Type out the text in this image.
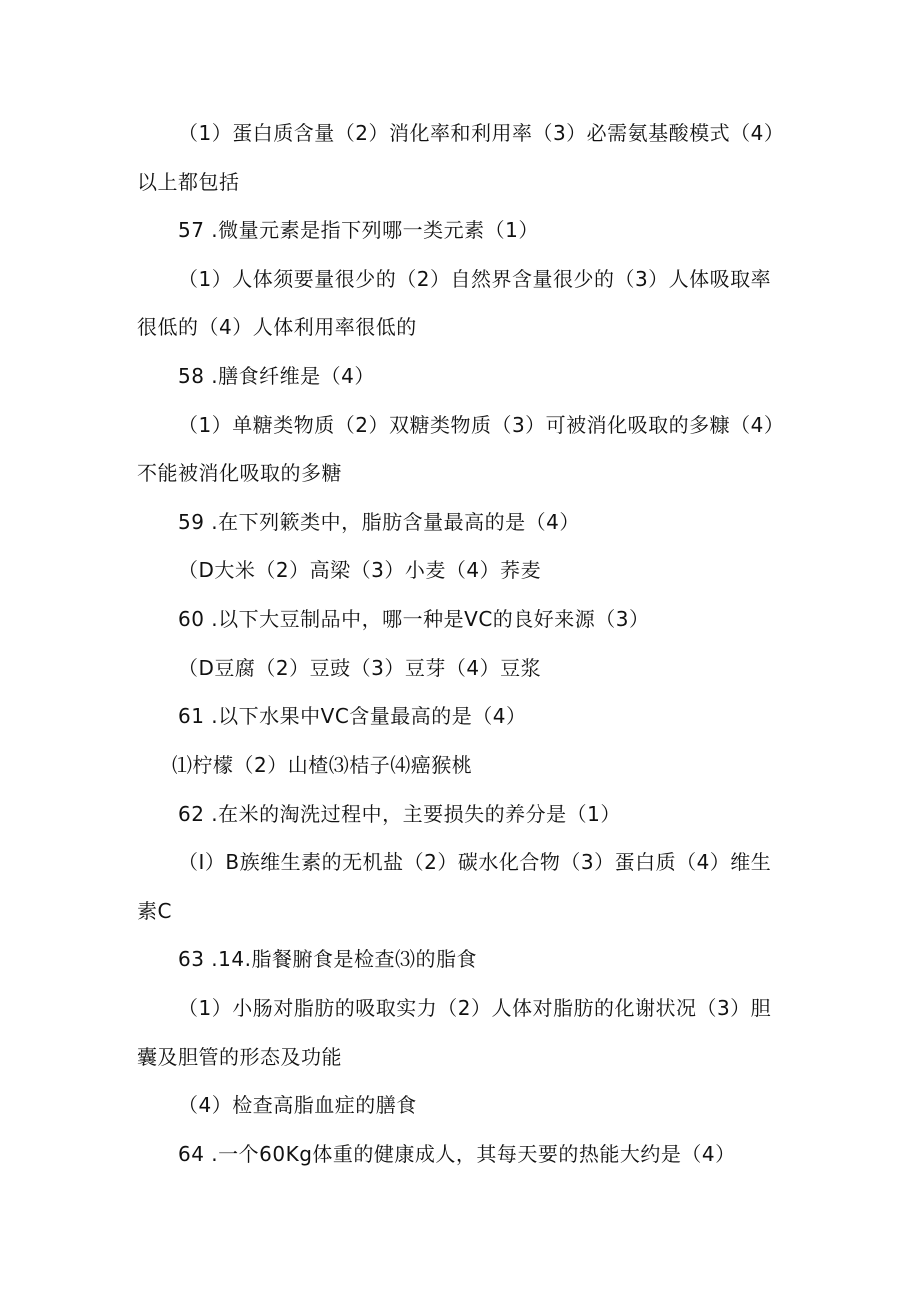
（1）蛋白质含量（2）消化率和利用率（3）必需氨基酸模式（4）
以上都包括
57 .微量元素是指下列哪一类元素（1）
（1）人体须要量很少的（2）自然界含量很少的（3）人体吸取率
很低的（4）人体利用率很低的
58 .膳食纤维是（4）
（1）单糖类物质（2）双糖类物质（3）可被消化吸取的多糠（4）
不能被消化吸取的多糖
59 .在下列簌类中，脂肪含量最高的是（4）
（D大米（2）高梁（3）小麦（4）荞麦
60 .以下大豆制品中，哪一种是VC的良好来源（3）
（D豆腐（2）豆豉（3）豆芽（4）豆浆
61 .以下水果中VC含量最高的是（4）
⑴柠檬（2）山楂⑶桔子⑷癌猴桃
62 .在米的淘洗过程中，主要损失的养分是（1）
（I）B族维生素的无机盐（2）碳水化合物（3）蛋白质（4）维生
素C
63 .14.脂餐腑食是检查⑶的脂食
（1）小肠对脂肪的吸取实力（2）人体对脂肪的化谢状况（3）胆
囊及胆管的形态及功能
（4）检查高脂血症的膳食
64 .一个60Kg体重的健康成人，其每天要的热能大约是（4）
